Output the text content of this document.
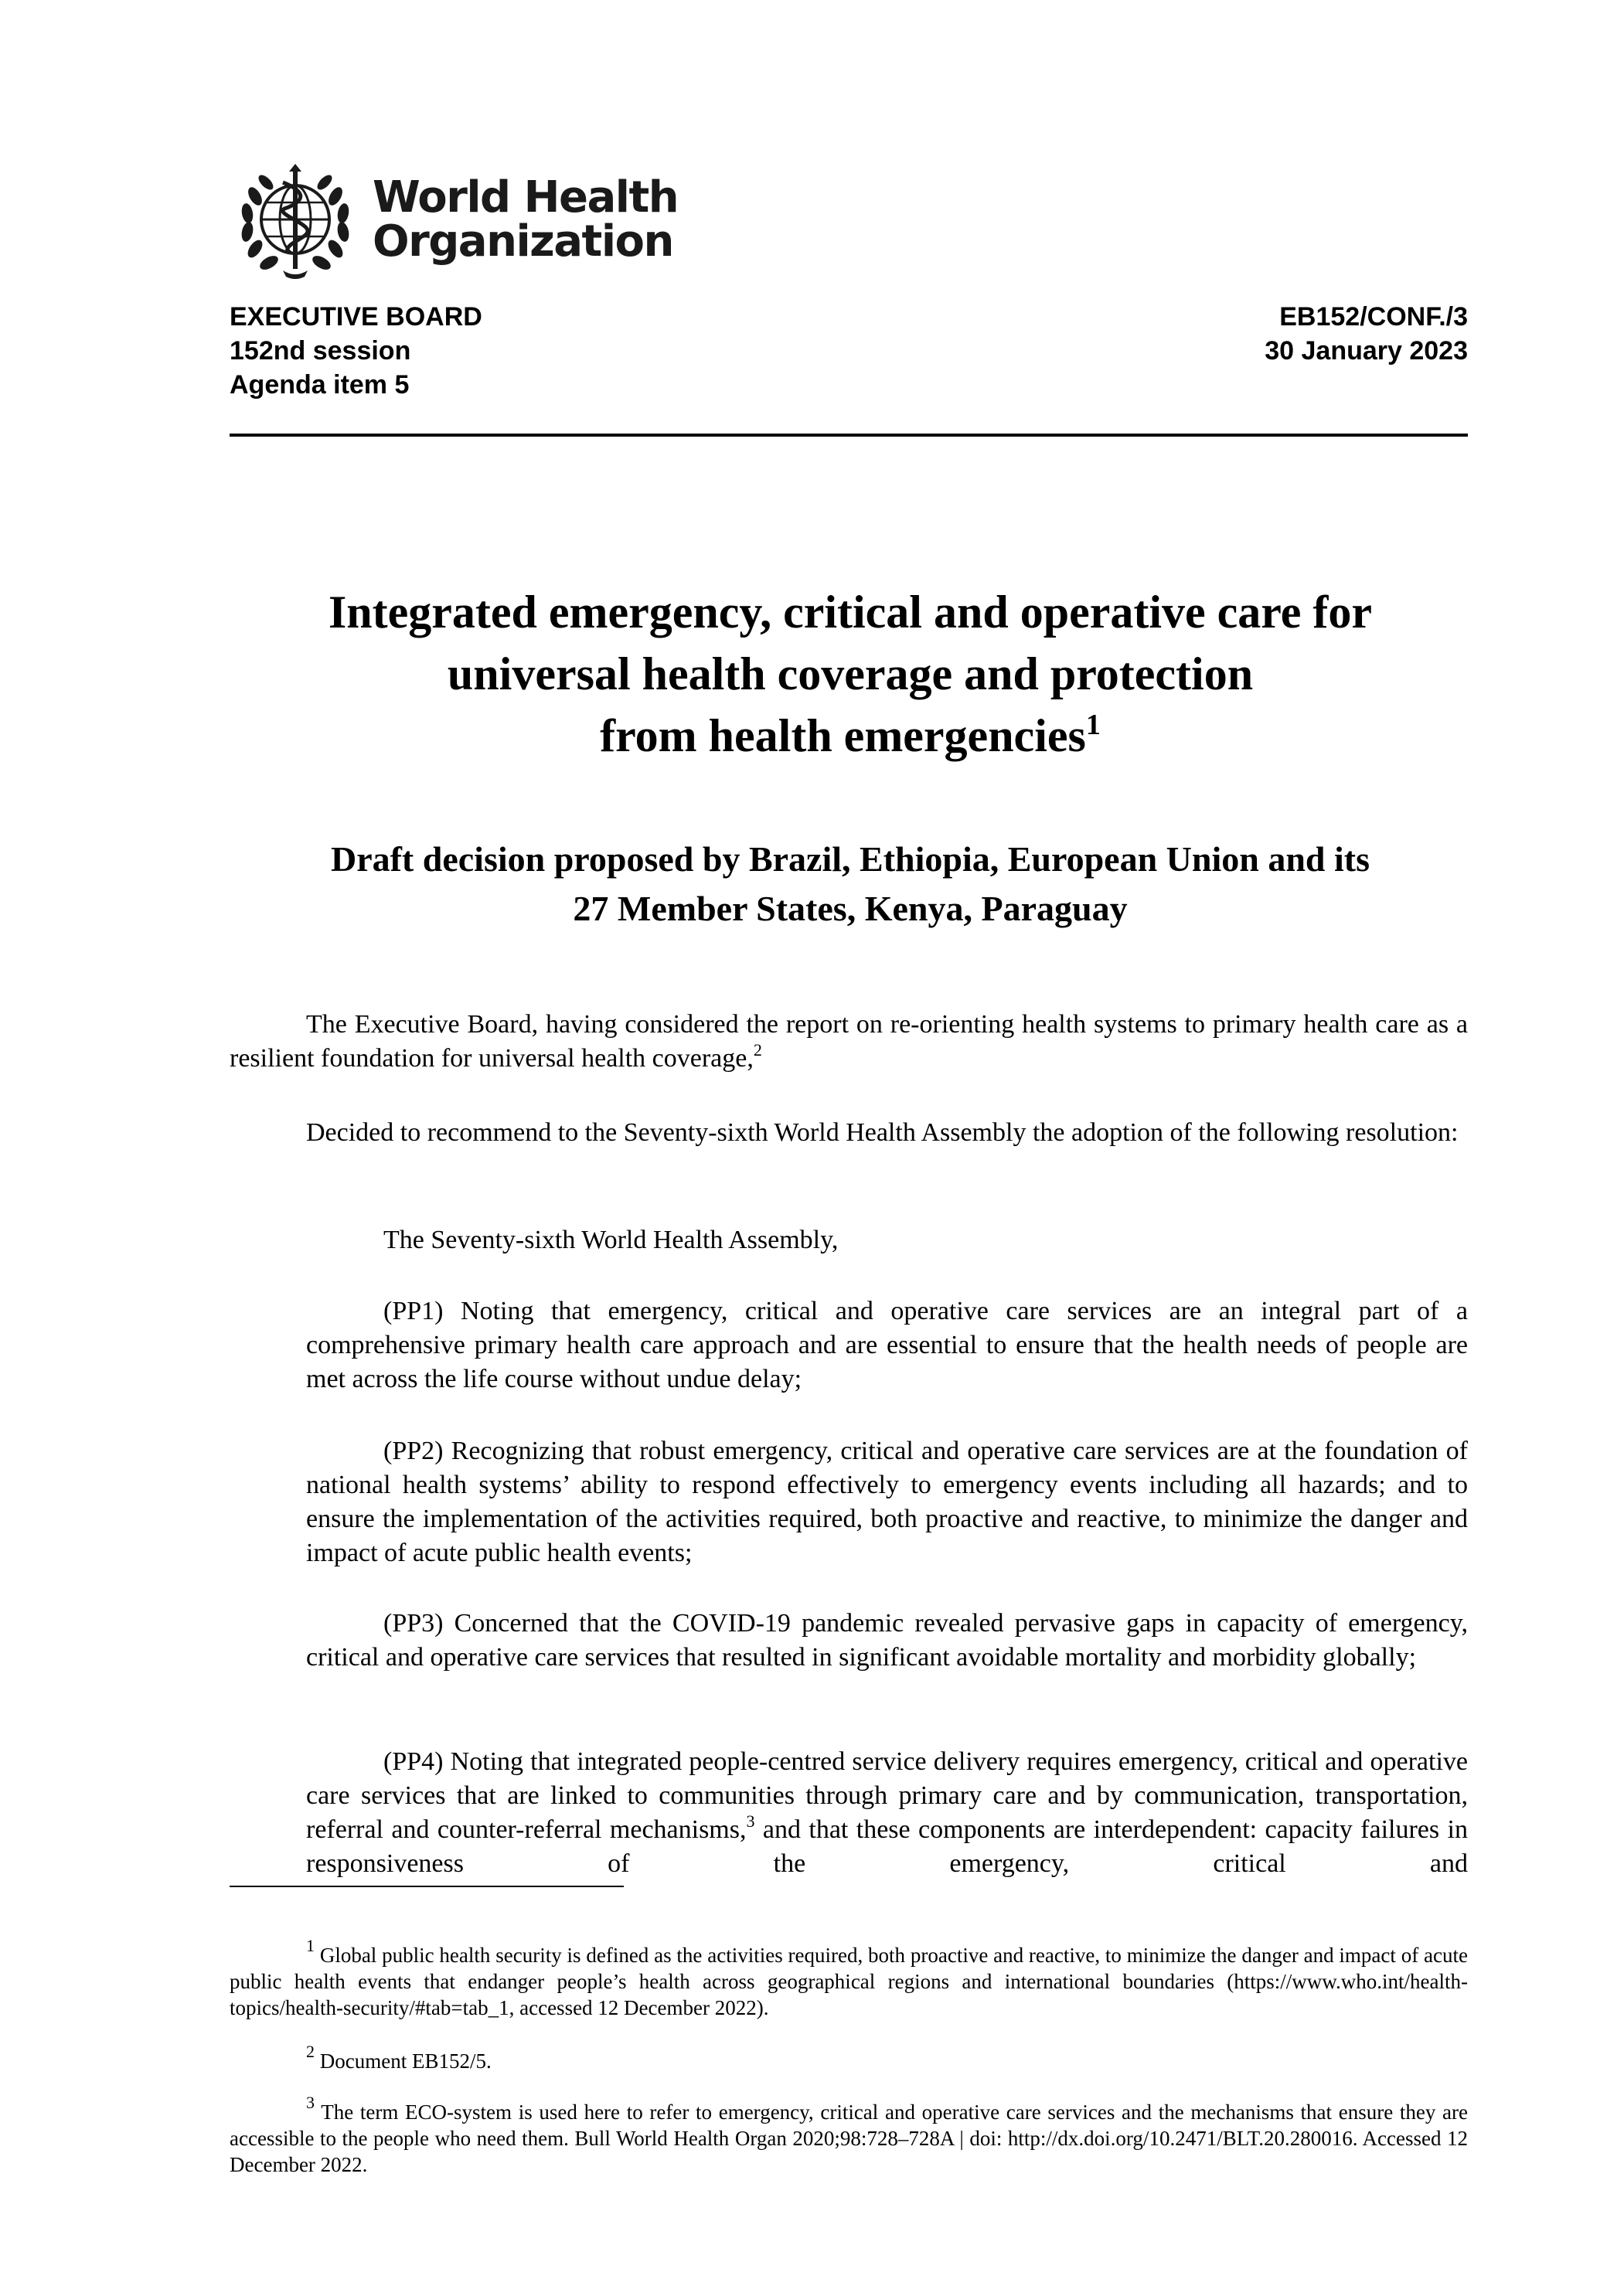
World Health
Organization
EXECUTIVE BOARD
152nd session
Agenda item 5
EB152/CONF./3
30 January 2023
Integrated emergency, critical and operative care for
universal health coverage and protection
from health emergencies$^1$
Draft decision proposed by Brazil, Ethiopia, European Union and its
27 Member States, Kenya, Paraguay

The Executive Board, having considered the report on re-orienting health systems to primary health care as a resilient foundation for universal health coverage,$^2$

Decided to recommend to the Seventy-sixth World Health Assembly the adoption of the following resolution:

The Seventy-sixth World Health Assembly,

(PP1) Noting that emergency, critical and operative care services are an integral part of a comprehensive primary health care approach and are essential to ensure that the health needs of people are met across the life course without undue delay;

(PP2) Recognizing that robust emergency, critical and operative care services are at the foundation of national health systems’ ability to respond effectively to emergency events including all hazards; and to ensure the implementation of the activities required, both proactive and reactive, to minimize the danger and impact of acute public health events;

(PP3) Concerned that the COVID-19 pandemic revealed pervasive gaps in capacity of emergency, critical and operative care services that resulted in significant avoidable mortality and morbidity globally;

(PP4) Noting that integrated people-centred service delivery requires emergency, critical and operative care services that are linked to communities through primary care and by communication, transportation, referral and counter-referral mechanisms,$^3$ and that these components are interdependent: capacity failures in responsiveness of the emergency, critical and

$^1$ Global public health security is defined as the activities required, both proactive and reactive, to minimize the danger and impact of acute public health events that endanger people’s health across geographical regions and international boundaries (https://www.who.int/health-topics/health-security/#tab=tab_1, accessed 12 December 2022).

$^2$ Document EB152/5.

$^3$ The term ECO-system is used here to refer to emergency, critical and operative care services and the mechanisms that ensure they are accessible to the people who need them. Bull World Health Organ 2020;98:728–728A | doi: http://dx.doi.org/10.2471/BLT.20.280016. Accessed 12 December 2022.
